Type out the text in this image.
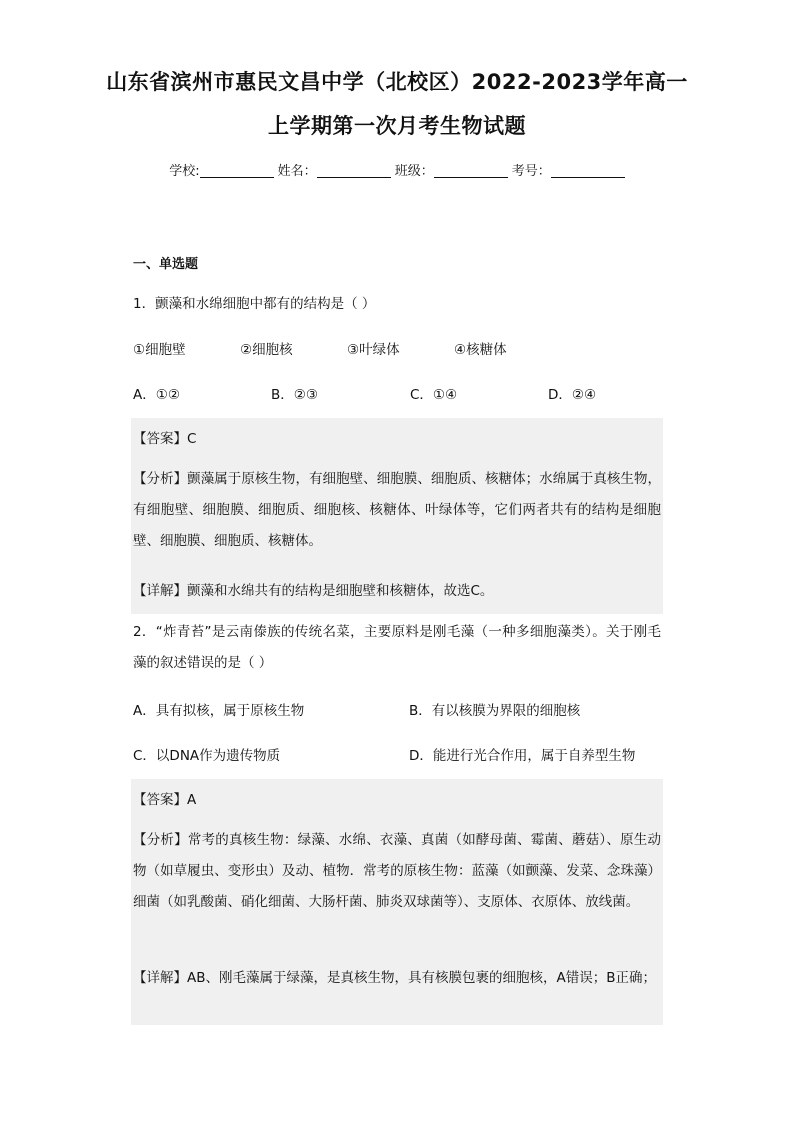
山东省滨州市惠民文昌中学（北校区）2022-2023学年高一
上学期第一次月考生物试题
学校:	姓名：	班级：	考号：
一、单选题
1．颤藻和水绵细胞中都有的结构是（ ）
①细胞壁	②细胞核	③叶绿体	④核糖体
A．①②	B．②③	C．①④	D．②④
【答案】C
【分析】颤藻属于原核生物，有细胞壁、细胞膜、细胞质、核糖体；水绵属于真核生物，有细胞壁、细胞膜、细胞质、细胞核、核糖体、叶绿体等，它们两者共有的结构是细胞壁、细胞膜、细胞质、核糖体。
【详解】颤藻和水绵共有的结构是细胞壁和核糖体，故选C。
2．“炸青苔”是云南傣族的传统名菜，主要原料是刚毛藻（一种多细胞藻类）。关于刚毛藻的叙述错误的是（ ）
A．具有拟核，属于原核生物	B．有以核膜为界限的细胞核
C．以DNA作为遗传物质	D．能进行光合作用，属于自养型生物
【答案】A
【分析】常考的真核生物：绿藻、水绵、衣藻、真菌（如酵母菌、霉菌、蘑菇）、原生动物（如草履虫、变形虫）及动、植物．常考的原核生物：蓝藻（如颤藻、发菜、念珠藻）细菌（如乳酸菌、硝化细菌、大肠杆菌、肺炎双球菌等）、支原体、衣原体、放线菌。
【详解】AB、刚毛藻属于绿藻，是真核生物，具有核膜包裹的细胞核，A错误；B正确；
